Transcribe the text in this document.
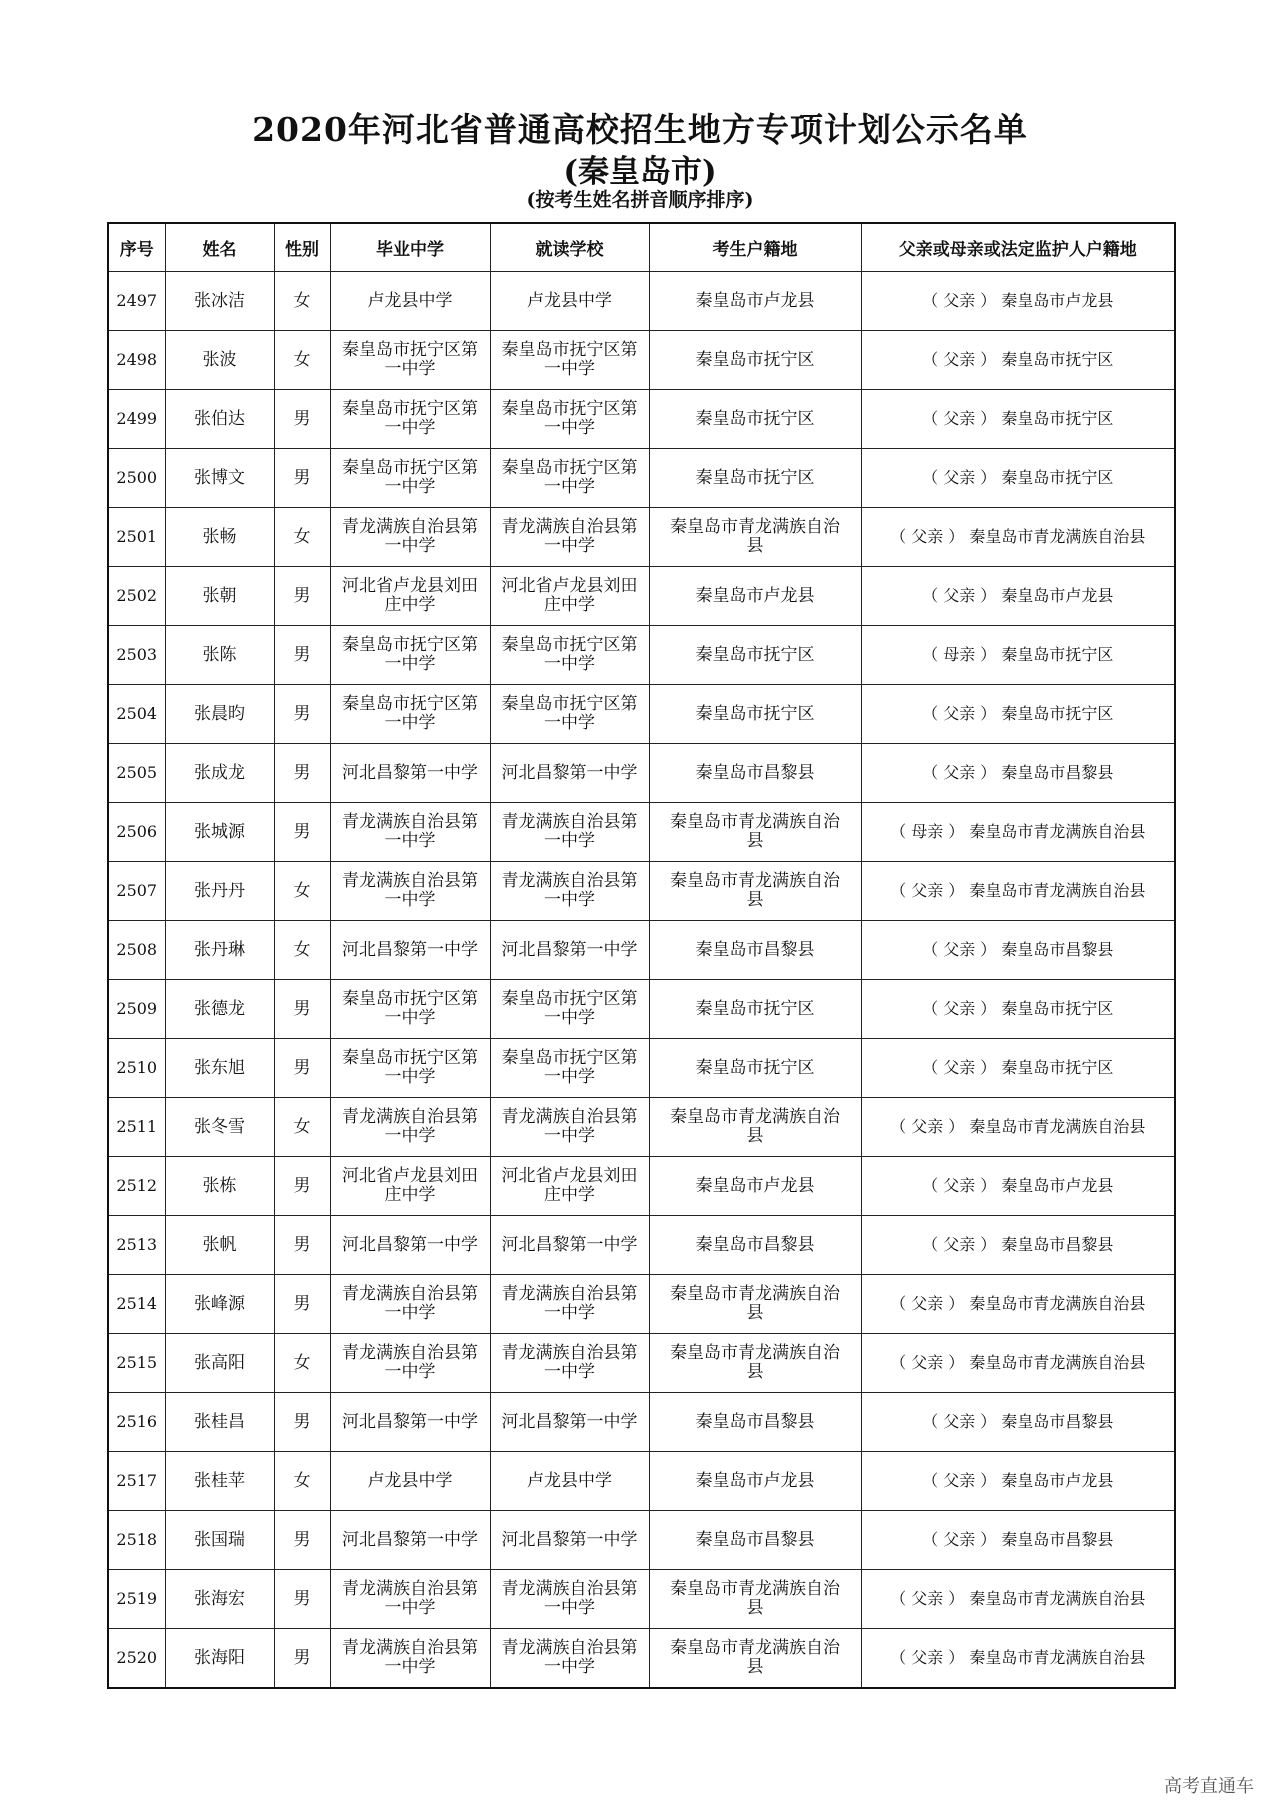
2020年河北省普通高校招生地方专项计划公示名单
(秦皇岛市)
(按考生姓名拼音顺序排序)
序号	姓名	性别	毕业中学	就读学校	考生户籍地	父亲或母亲或法定监护人户籍地
2497	张冰洁	女	卢龙县中学	卢龙县中学	秦皇岛市卢龙县	（ 父亲 ） 秦皇岛市卢龙县
2498	张波	女	秦皇岛市抚宁区第一中学	秦皇岛市抚宁区第一中学	秦皇岛市抚宁区	（ 父亲 ） 秦皇岛市抚宁区
2499	张伯达	男	秦皇岛市抚宁区第一中学	秦皇岛市抚宁区第一中学	秦皇岛市抚宁区	（ 父亲 ） 秦皇岛市抚宁区
2500	张博文	男	秦皇岛市抚宁区第一中学	秦皇岛市抚宁区第一中学	秦皇岛市抚宁区	（ 父亲 ） 秦皇岛市抚宁区
2501	张畅	女	青龙满族自治县第一中学	青龙满族自治县第一中学	秦皇岛市青龙满族自治县	（ 父亲 ） 秦皇岛市青龙满族自治县
2502	张朝	男	河北省卢龙县刘田庄中学	河北省卢龙县刘田庄中学	秦皇岛市卢龙县	（ 父亲 ） 秦皇岛市卢龙县
2503	张陈	男	秦皇岛市抚宁区第一中学	秦皇岛市抚宁区第一中学	秦皇岛市抚宁区	（ 母亲 ） 秦皇岛市抚宁区
2504	张晨昀	男	秦皇岛市抚宁区第一中学	秦皇岛市抚宁区第一中学	秦皇岛市抚宁区	（ 父亲 ） 秦皇岛市抚宁区
2505	张成龙	男	河北昌黎第一中学	河北昌黎第一中学	秦皇岛市昌黎县	（ 父亲 ） 秦皇岛市昌黎县
2506	张城源	男	青龙满族自治县第一中学	青龙满族自治县第一中学	秦皇岛市青龙满族自治县	（ 母亲 ） 秦皇岛市青龙满族自治县
2507	张丹丹	女	青龙满族自治县第一中学	青龙满族自治县第一中学	秦皇岛市青龙满族自治县	（ 父亲 ） 秦皇岛市青龙满族自治县
2508	张丹琳	女	河北昌黎第一中学	河北昌黎第一中学	秦皇岛市昌黎县	（ 父亲 ） 秦皇岛市昌黎县
2509	张德龙	男	秦皇岛市抚宁区第一中学	秦皇岛市抚宁区第一中学	秦皇岛市抚宁区	（ 父亲 ） 秦皇岛市抚宁区
2510	张东旭	男	秦皇岛市抚宁区第一中学	秦皇岛市抚宁区第一中学	秦皇岛市抚宁区	（ 父亲 ） 秦皇岛市抚宁区
2511	张冬雪	女	青龙满族自治县第一中学	青龙满族自治县第一中学	秦皇岛市青龙满族自治县	（ 父亲 ） 秦皇岛市青龙满族自治县
2512	张栋	男	河北省卢龙县刘田庄中学	河北省卢龙县刘田庄中学	秦皇岛市卢龙县	（ 父亲 ） 秦皇岛市卢龙县
2513	张帆	男	河北昌黎第一中学	河北昌黎第一中学	秦皇岛市昌黎县	（ 父亲 ） 秦皇岛市昌黎县
2514	张峰源	男	青龙满族自治县第一中学	青龙满族自治县第一中学	秦皇岛市青龙满族自治县	（ 父亲 ） 秦皇岛市青龙满族自治县
2515	张高阳	女	青龙满族自治县第一中学	青龙满族自治县第一中学	秦皇岛市青龙满族自治县	（ 父亲 ） 秦皇岛市青龙满族自治县
2516	张桂昌	男	河北昌黎第一中学	河北昌黎第一中学	秦皇岛市昌黎县	（ 父亲 ） 秦皇岛市昌黎县
2517	张桂苹	女	卢龙县中学	卢龙县中学	秦皇岛市卢龙县	（ 父亲 ） 秦皇岛市卢龙县
2518	张国瑞	男	河北昌黎第一中学	河北昌黎第一中学	秦皇岛市昌黎县	（ 父亲 ） 秦皇岛市昌黎县
2519	张海宏	男	青龙满族自治县第一中学	青龙满族自治县第一中学	秦皇岛市青龙满族自治县	（ 父亲 ） 秦皇岛市青龙满族自治县
2520	张海阳	男	青龙满族自治县第一中学	青龙满族自治县第一中学	秦皇岛市青龙满族自治县	（ 父亲 ） 秦皇岛市青龙满族自治县
高考直通车
